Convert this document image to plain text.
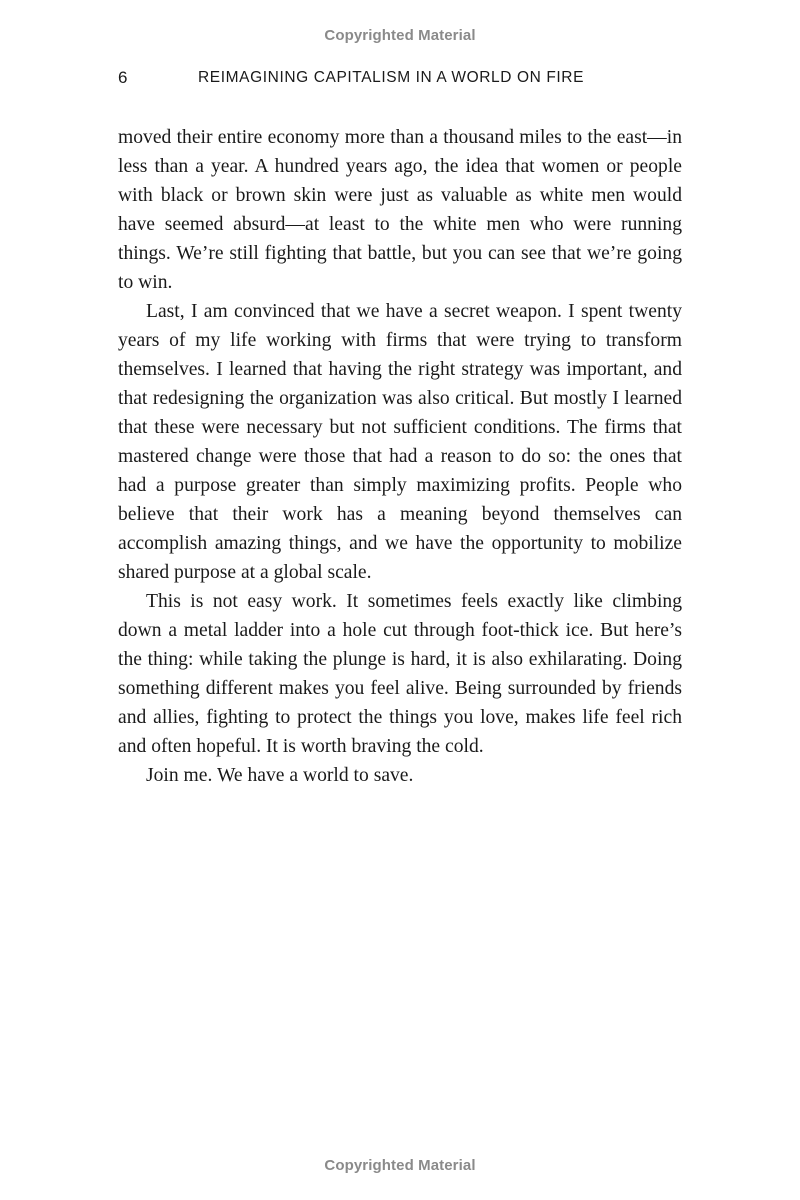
Copyrighted Material
6	REIMAGINING CAPITALISM IN A WORLD ON FIRE

moved their entire economy more than a thousand miles to the east—in less than a year. A hundred years ago, the idea that women or people with black or brown skin were just as valuable as white men would have seemed absurd—at least to the white men who were running things. We’re still fighting that battle, but you can see that we’re going to win.

Last, I am convinced that we have a secret weapon. I spent twenty years of my life working with firms that were trying to transform themselves. I learned that having the right strategy was important, and that redesigning the organization was also critical. But mostly I learned that these were necessary but not sufficient conditions. The firms that mastered change were those that had a reason to do so: the ones that had a purpose greater than simply maximizing profits. People who believe that their work has a meaning beyond themselves can accomplish amazing things, and we have the opportunity to mobilize shared purpose at a global scale.

This is not easy work. It sometimes feels exactly like climbing down a metal ladder into a hole cut through foot-thick ice. But here’s the thing: while taking the plunge is hard, it is also exhilarating. Doing something different makes you feel alive. Being surrounded by friends and allies, fighting to protect the things you love, makes life feel rich and often hopeful. It is worth braving the cold.

Join me. We have a world to save.

Copyrighted Material
